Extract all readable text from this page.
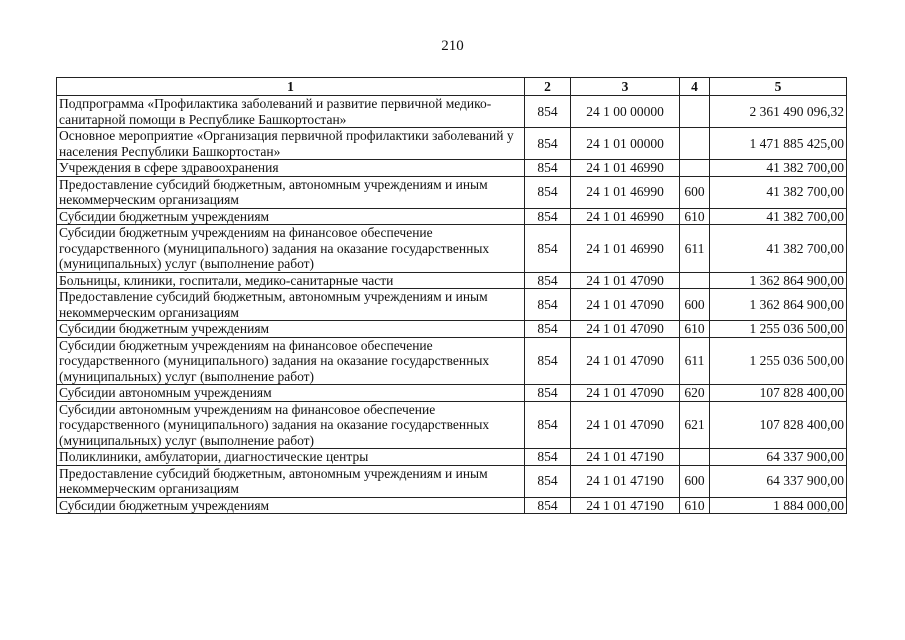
210
1	2	3	4	5
Подпрограмма «Профилактика заболеваний и развитие первичной медико-санитарной помощи в Республике Башкортостан»	854	24 1 00 00000		2 361 490 096,32
Основное мероприятие «Организация первичной профилактики заболеваний у населения Республики Башкортостан»	854	24 1 01 00000		1 471 885 425,00
Учреждения в сфере здравоохранения	854	24 1 01 46990		41 382 700,00
Предоставление субсидий бюджетным, автономным учреждениям и иным некоммерческим организациям	854	24 1 01 46990	600	41 382 700,00
Субсидии бюджетным учреждениям	854	24 1 01 46990	610	41 382 700,00
Субсидии бюджетным учреждениям на финансовое обеспечение государственного (муниципального) задания на оказание государственных (муниципальных) услуг (выполнение работ)	854	24 1 01 46990	611	41 382 700,00
Больницы, клиники, госпитали, медико-санитарные части	854	24 1 01 47090		1 362 864 900,00
Предоставление субсидий бюджетным, автономным учреждениям и иным некоммерческим организациям	854	24 1 01 47090	600	1 362 864 900,00
Субсидии бюджетным учреждениям	854	24 1 01 47090	610	1 255 036 500,00
Субсидии бюджетным учреждениям на финансовое обеспечение государственного (муниципального) задания на оказание государственных (муниципальных) услуг (выполнение работ)	854	24 1 01 47090	611	1 255 036 500,00
Субсидии автономным учреждениям	854	24 1 01 47090	620	107 828 400,00
Субсидии автономным учреждениям на финансовое обеспечение государственного (муниципального) задания на оказание государственных (муниципальных) услуг (выполнение работ)	854	24 1 01 47090	621	107 828 400,00
Поликлиники, амбулатории, диагностические центры	854	24 1 01 47190		64 337 900,00
Предоставление субсидий бюджетным, автономным учреждениям и иным некоммерческим организациям	854	24 1 01 47190	600	64 337 900,00
Субсидии бюджетным учреждениям	854	24 1 01 47190	610	1 884 000,00
